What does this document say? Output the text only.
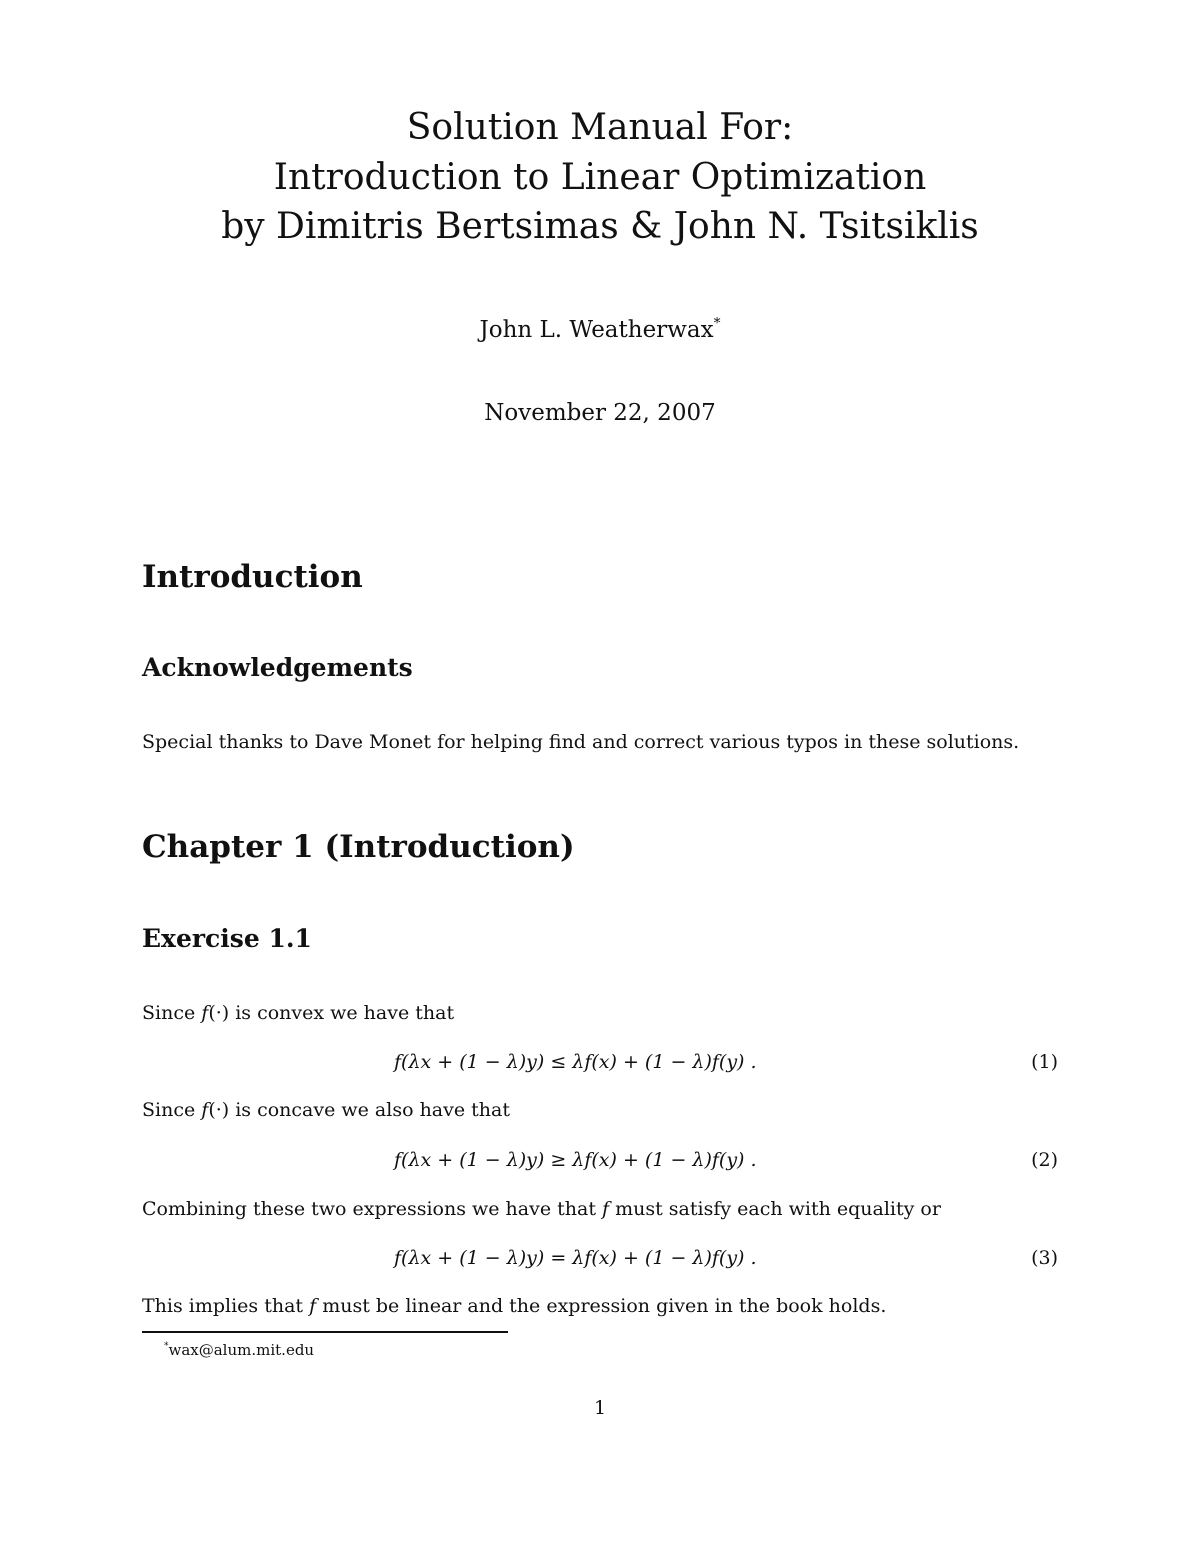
Solution Manual For:
Introduction to Linear Optimization
by Dimitris Bertsimas & John N. Tsitsiklis
John L. Weatherwax*
November 22, 2007
Introduction
Acknowledgements
Special thanks to Dave Monet for helping find and correct various typos in these solutions.
Chapter 1 (Introduction)
Exercise 1.1
Since f(·) is convex we have that
f(λx + (1 − λ)y) ≤ λf(x) + (1 − λ)f(y) .	(1)
Since f(·) is concave we also have that
f(λx + (1 − λ)y) ≥ λf(x) + (1 − λ)f(y) .	(2)
Combining these two expressions we have that f must satisfy each with equality or
f(λx + (1 − λ)y) = λf(x) + (1 − λ)f(y) .	(3)
This implies that f must be linear and the expression given in the book holds.
*wax@alum.mit.edu
1
